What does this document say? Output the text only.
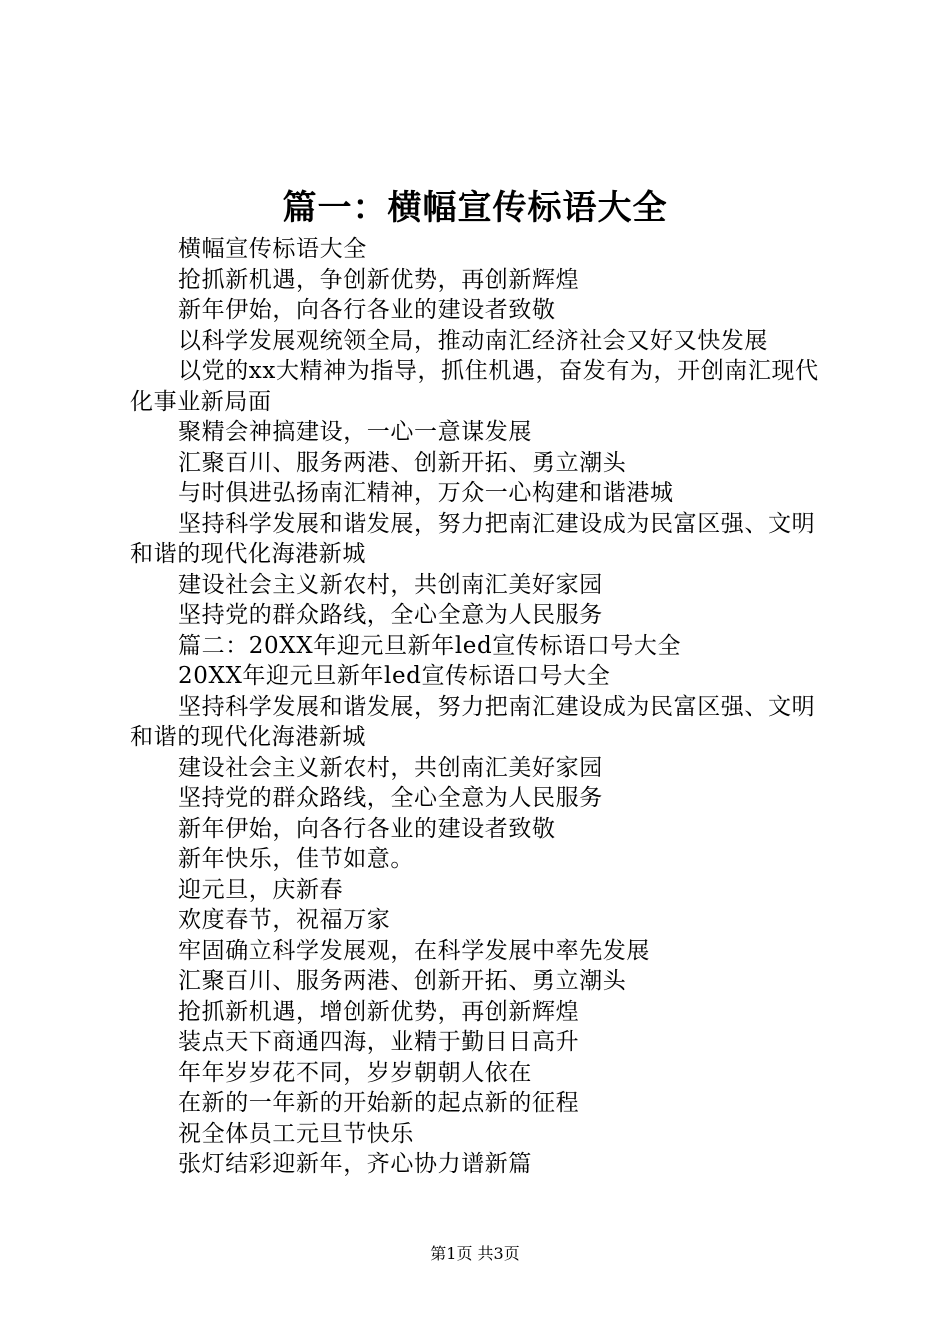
篇一：横幅宣传标语大全

横幅宣传标语大全

抢抓新机遇，争创新优势，再创新辉煌

新年伊始，向各行各业的建设者致敬

以科学发展观统领全局，推动南汇经济社会又好又快发展

以党的xx大精神为指导，抓住机遇，奋发有为，开创南汇现代化事业新局面

聚精会神搞建设，一心一意谋发展

汇聚百川、服务两港、创新开拓、勇立潮头

与时俱进弘扬南汇精神，万众一心构建和谐港城

坚持科学发展和谐发展，努力把南汇建设成为民富区强、文明和谐的现代化海港新城

建设社会主义新农村，共创南汇美好家园

坚持党的群众路线，全心全意为人民服务

篇二：20XX年迎元旦新年led宣传标语口号大全

20XX年迎元旦新年led宣传标语口号大全

坚持科学发展和谐发展，努力把南汇建设成为民富区强、文明和谐的现代化海港新城

建设社会主义新农村，共创南汇美好家园

坚持党的群众路线，全心全意为人民服务

新年伊始，向各行各业的建设者致敬

新年快乐，佳节如意。

迎元旦，庆新春

欢度春节，祝福万家

牢固确立科学发展观，在科学发展中率先发展

汇聚百川、服务两港、创新开拓、勇立潮头

抢抓新机遇，增创新优势，再创新辉煌

装点天下商通四海，业精于勤日日高升

年年岁岁花不同，岁岁朝朝人依在

在新的一年新的开始新的起点新的征程

祝全体员工元旦节快乐

张灯结彩迎新年，齐心协力谱新篇

第1页 共3页
